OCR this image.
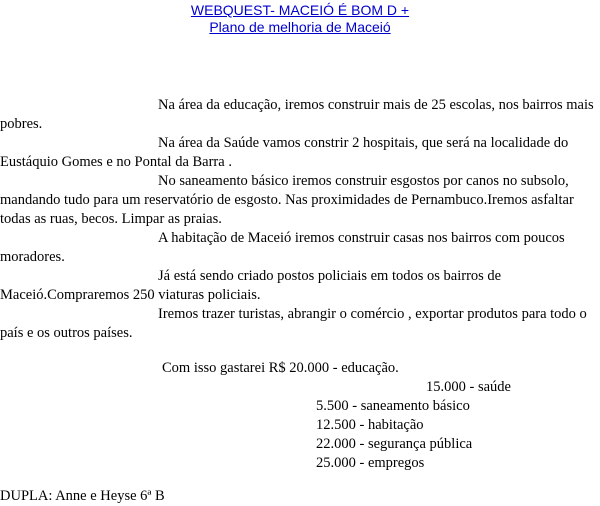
WEBQUEST- MACEIÓ É BOM D +
Plano de melhoria de Maceió

Na área da educação, iremos construir mais de 25 escolas, nos bairros mais pobres.

Na área da Saúde vamos constrir 2 hospitais, que será na localidade do Eustáquio Gomes e no Pontal da Barra .

No saneamento básico iremos construir esgostos por canos no subsolo, mandando tudo para um reservatório de esgosto. Nas proximidades de Pernambuco.Iremos asfaltar todas as ruas, becos. Limpar as praias.

A habitação de Maceió iremos construir casas nos bairros com poucos moradores.

Já está sendo criado postos policiais em todos os bairros de Maceió.Compraremos 250 viaturas policiais.

Iremos trazer turistas, abrangir o comércio , exportar produtos para todo o país e os outros países.

Com isso gastarei R$ 20.000 - educação.
15.000 - saúde
5.500 - saneamento básico
12.500 - habitação
22.000 - segurança pública
25.000 - empregos
DUPLA: Anne e Heyse 6ª B
